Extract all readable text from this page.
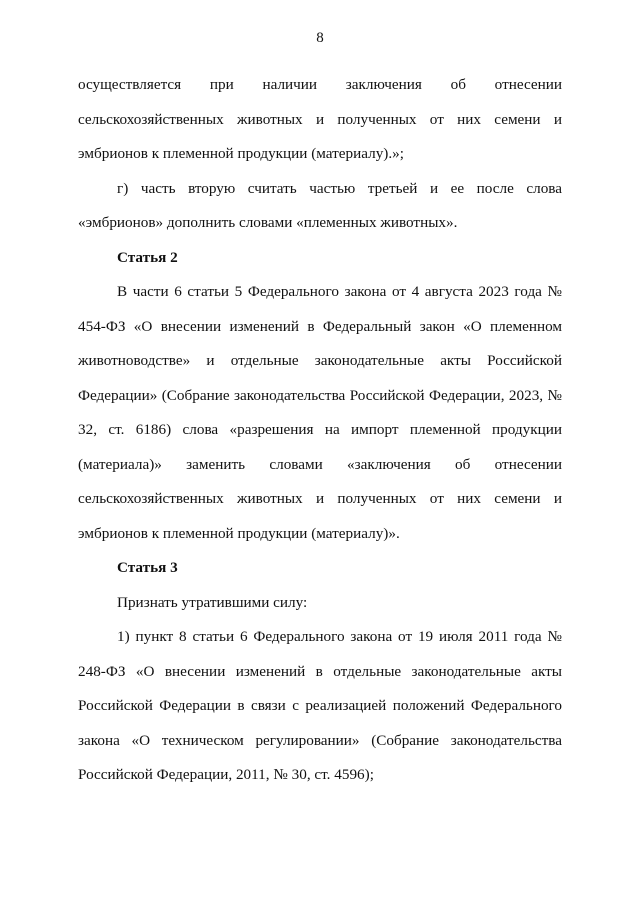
8

осуществляется при наличии заключения об отнесении сельскохозяйственных животных и полученных от них семени и эмбрионов к племенной продукции (материалу).»;

г) часть вторую считать частью третьей и ее после слова «эмбрионов» дополнить словами «племенных животных».

Статья 2

В части 6 статьи 5 Федерального закона от 4 августа 2023 года № 454-ФЗ «О внесении изменений в Федеральный закон «О племенном животноводстве» и отдельные законодательные акты Российской Федерации» (Собрание законодательства Российской Федерации, 2023, № 32, ст. 6186) слова «разрешения на импорт племенной продукции (материала)» заменить словами «заключения об отнесении сельскохозяйственных животных и полученных от них семени и эмбрионов к племенной продукции (материалу)».

Статья 3

Признать утратившими силу:

1) пункт 8 статьи 6 Федерального закона от 19 июля 2011 года № 248-ФЗ «О внесении изменений в отдельные законодательные акты Российской Федерации в связи с реализацией положений Федерального закона «О техническом регулировании» (Собрание законодательства Российской Федерации, 2011, № 30, ст. 4596);
